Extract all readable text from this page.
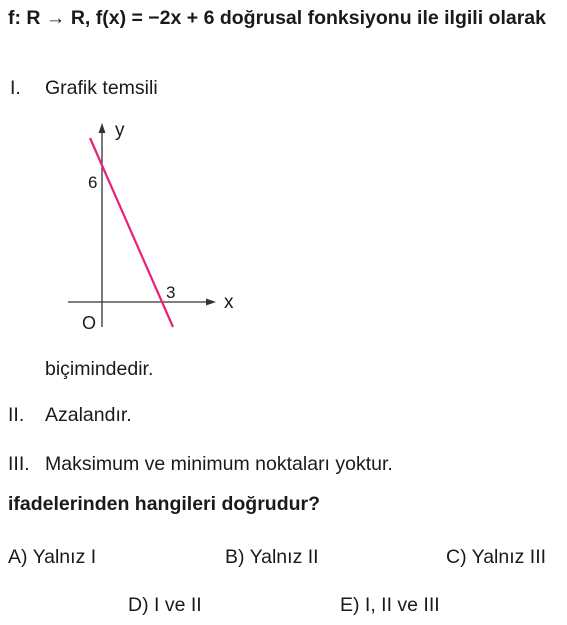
f: R → R, f(x) = −2x + 6 doğrusal fonksiyonu ile ilgili olarak
I. Grafik temsili
y
x
O
6
3
biçimindedir.
II. Azalandır.
III. Maksimum ve minimum noktaları yoktur.
ifadelerinden hangileri doğrudur?
A) Yalnız I	B) Yalnız II	C) Yalnız III
D) I ve II	E) I, II ve III
